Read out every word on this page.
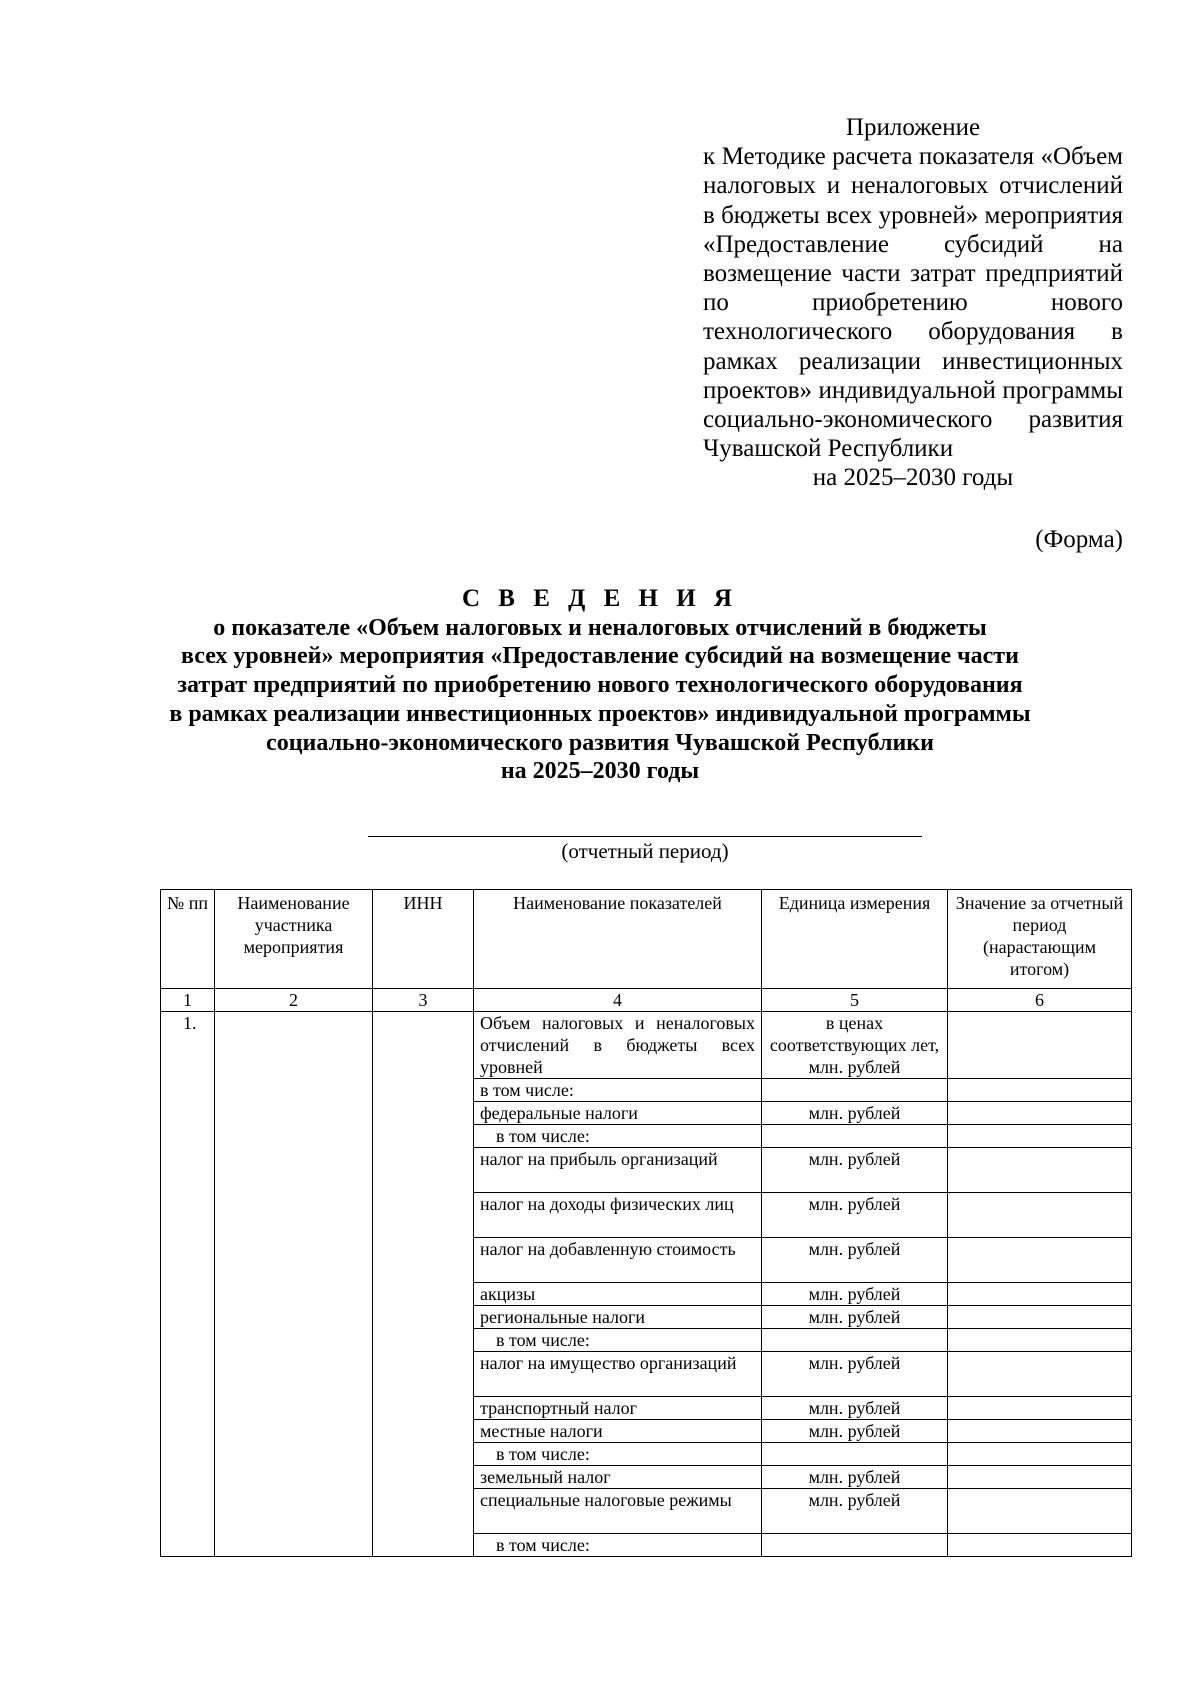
Приложение
к Методике расчета показателя «Объем налоговых и неналоговых отчислений в бюджеты всех уровней» мероприятия «Предоставление субсидий на возмещение части затрат предприятий по приобретению нового технологического оборудования в рамках реализации инвестиционных проектов» индивидуальной программы социально-экономического развития Чувашской Республики
на 2025–2030 годы
(Форма)
С В Е Д Е Н И Я
о показателе «Объем налоговых и неналоговых отчислений в бюджеты
всех уровней» мероприятия «Предоставление субсидий на возмещение части
затрат предприятий по приобретению нового технологического оборудования
в рамках реализации инвестиционных проектов» индивидуальной программы
социально-экономического развития Чувашской Республики
на 2025–2030 годы
(отчетный период)
№ пп	Наименование участника мероприятия	ИНН	Наименование показателей	Единица измерения	Значение за отчетный период (нарастающим итогом)
1	2	3	4	5	6
1.			Объем налоговых и неналоговых отчислений в бюджеты всех уровней	в ценах соответствующих лет, млн. рублей	
			в том числе:		
			федеральные налоги	млн. рублей	
			в том числе:		
			налог на прибыль организаций	млн. рублей	
			налог на доходы физических лиц	млн. рублей	
			налог на добавленную стоимость	млн. рублей	
			акцизы	млн. рублей	
			региональные налоги	млн. рублей	
			в том числе:		
			налог на имущество организаций	млн. рублей	
			транспортный налог	млн. рублей	
			местные налоги	млн. рублей	
			в том числе:		
			земельный налог	млн. рублей	
			специальные налоговые режимы	млн. рублей	
			в том числе:		
